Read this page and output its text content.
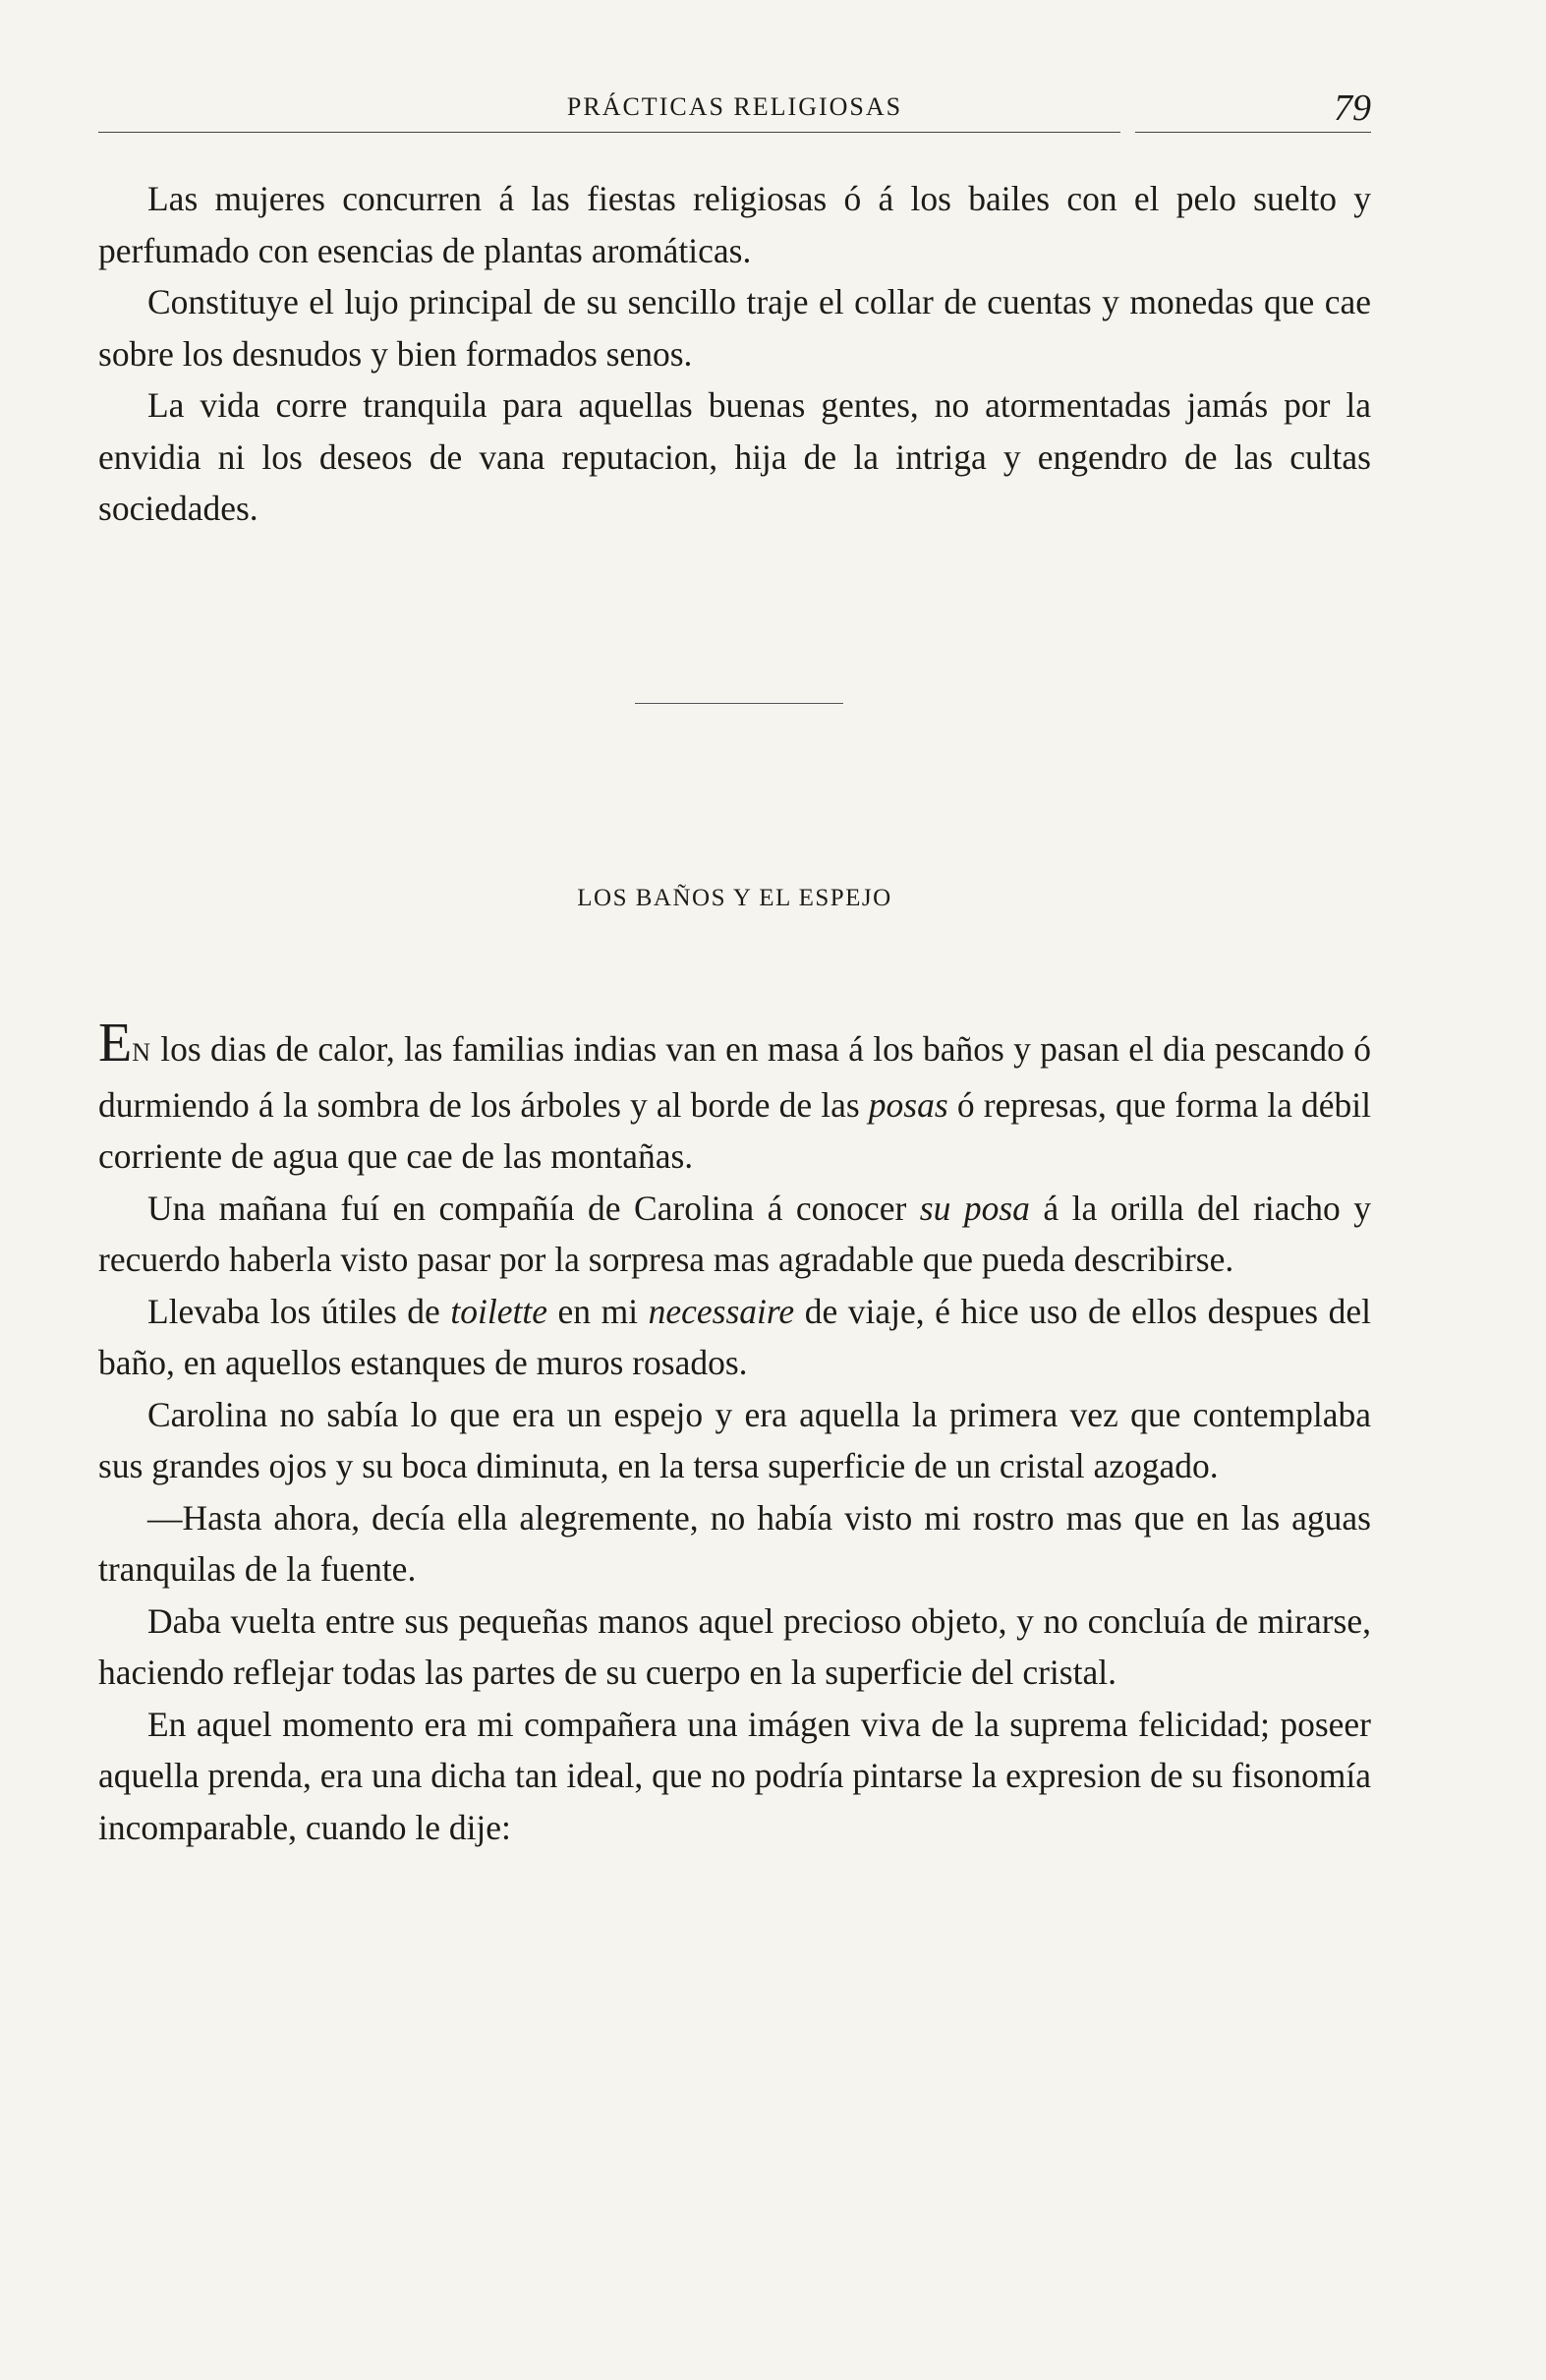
PRÁCTICAS RELIGIOSAS	79

Las mujeres concurren á las fiestas religiosas ó á los bailes con el pelo suelto y perfumado con esencias de plantas aromáticas.

Constituye el lujo principal de su sencillo traje el collar de cuentas y monedas que cae sobre los desnudos y bien formados senos.

La vida corre tranquila para aquellas buenas gentes, no atormentadas jamás por la envidia ni los deseos de vana reputacion, hija de la intriga y engendro de las cultas sociedades.

LOS BAÑOS Y EL ESPEJO

EN los dias de calor, las familias indias van en masa á los baños y pasan el dia pescando ó durmiendo á la sombra de los árboles y al borde de las posas ó represas, que forma la débil corriente de agua que cae de las montañas.

Una mañana fuí en compañía de Carolina á conocer su posa á la orilla del riacho y recuerdo haberla visto pasar por la sorpresa mas agradable que pueda describirse.

Llevaba los útiles de toilette en mi necessaire de viaje, é hice uso de ellos despues del baño, en aquellos estanques de muros rosados.

Carolina no sabía lo que era un espejo y era aquella la primera vez que contemplaba sus grandes ojos y su boca diminuta, en la tersa superficie de un cristal azogado.

—Hasta ahora, decía ella alegremente, no había visto mi rostro mas que en las aguas tranquilas de la fuente.

Daba vuelta entre sus pequeñas manos aquel precioso objeto, y no concluía de mirarse, haciendo reflejar todas las partes de su cuerpo en la superficie del cristal.

En aquel momento era mi compañera una imágen viva de la suprema felicidad; poseer aquella prenda, era una dicha tan ideal, que no podría pintarse la expresion de su fisonomía incomparable, cuando le dije:
